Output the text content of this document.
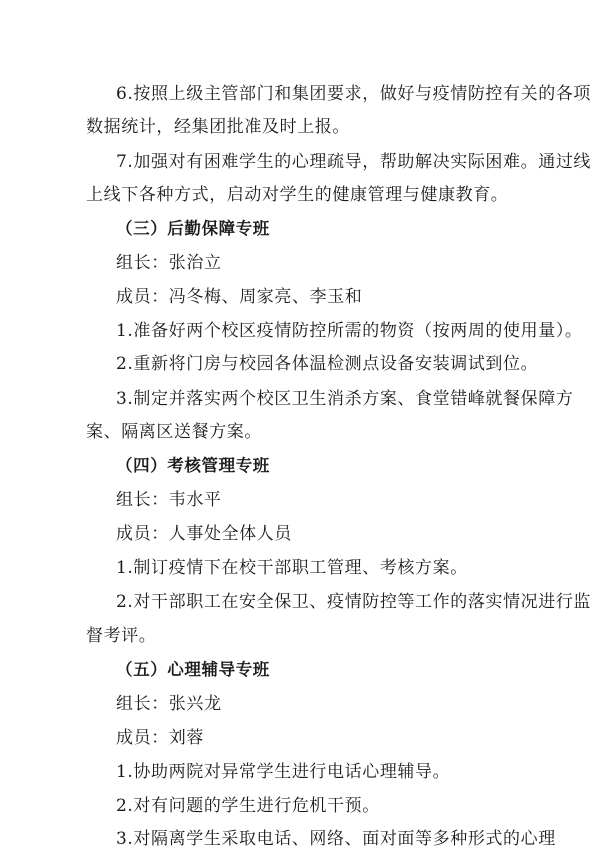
6.按照上级主管部门和集团要求，做好与疫情防控有关的各项
数据统计，经集团批准及时上报。
7.加强对有困难学生的心理疏导，帮助解决实际困难。通过线
上线下各种方式，启动对学生的健康管理与健康教育。
（三）后勤保障专班
组长：张治立
成员：冯冬梅、周家亮、李玉和
1.准备好两个校区疫情防控所需的物资（按两周的使用量）。
2.重新将门房与校园各体温检测点设备安装调试到位。
3.制定并落实两个校区卫生消杀方案、食堂错峰就餐保障方
案、隔离区送餐方案。
（四）考核管理专班
组长：韦水平
成员：人事处全体人员
1.制订疫情下在校干部职工管理、考核方案。
2.对干部职工在安全保卫、疫情防控等工作的落实情况进行监
督考评。
（五）心理辅导专班
组长：张兴龙
成员：刘蓉
1.协助两院对异常学生进行电话心理辅导。
2.对有问题的学生进行危机干预。
3.对隔离学生采取电话、网络、面对面等多种形式的心理
